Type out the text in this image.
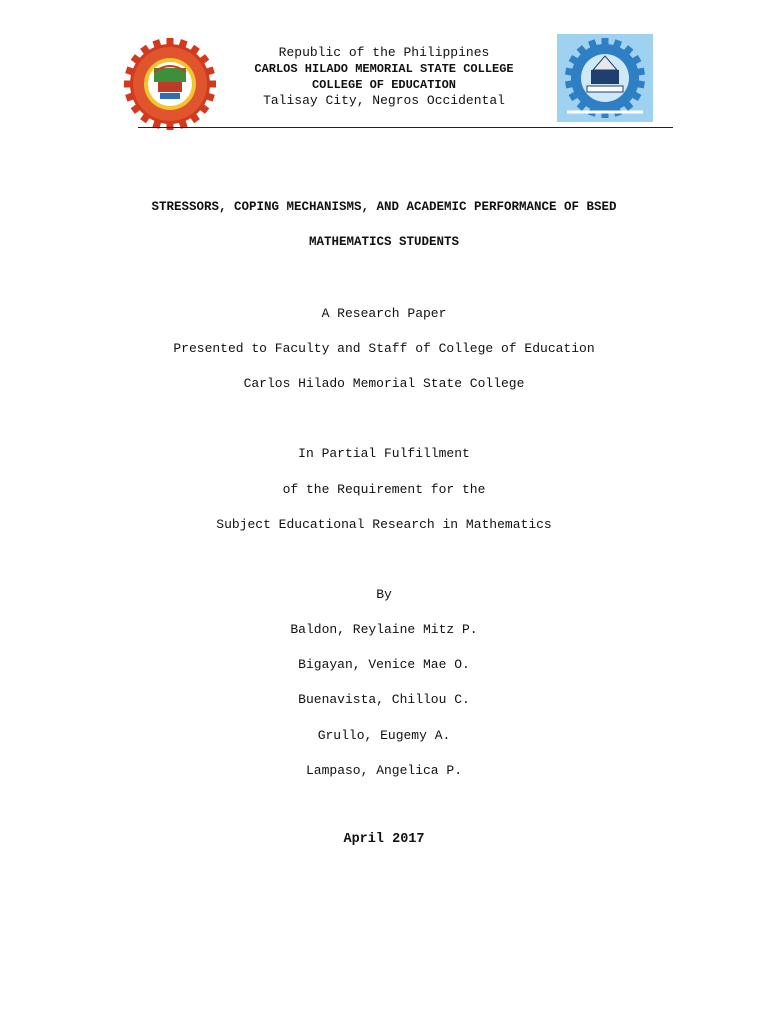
Republic of the Philippines
CARLOS HILADO MEMORIAL STATE COLLEGE
COLLEGE OF EDUCATION
Talisay City, Negros Occidental
STRESSORS, COPING MECHANISMS, AND ACADEMIC PERFORMANCE OF BSED
MATHEMATICS STUDENTS
A Research Paper
Presented to Faculty and Staff of College of Education
Carlos Hilado Memorial State College
In Partial Fulfillment
of the Requirement for the
Subject Educational Research in Mathematics
By
Baldon, Reylaine Mitz P.
Bigayan, Venice Mae O.
Buenavista, Chillou C.
Grullo, Eugemy A.
Lampaso, Angelica P.
April 2017
